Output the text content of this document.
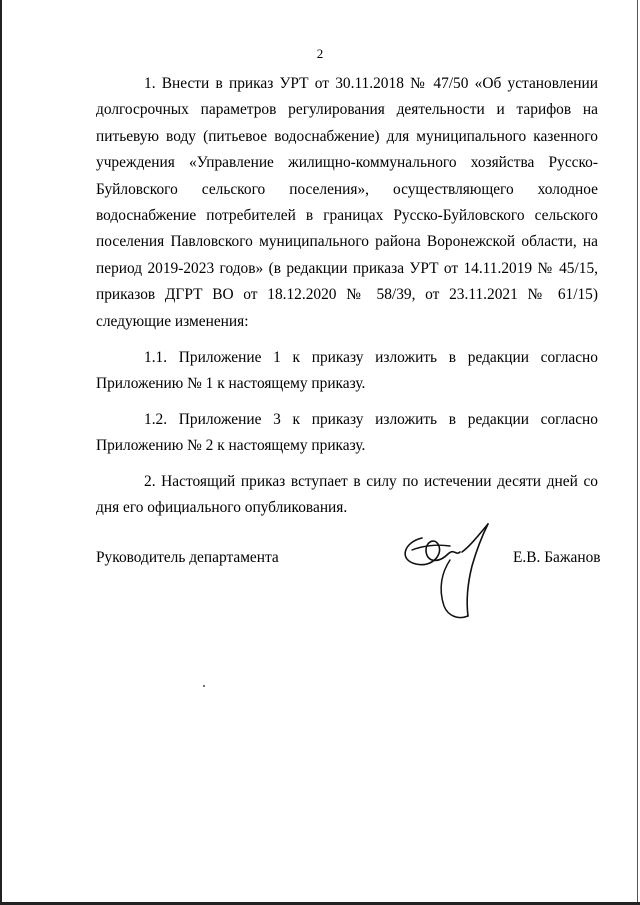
2

1. Внести в приказ УРТ от 30.11.2018 № 47/50 «Об установлении долгосрочных параметров регулирования деятельности и тарифов на питьевую воду (питьевое водоснабжение) для муниципального казенного учреждения «Управление жилищно-коммунального хозяйства Русско-Буйловского сельского поселения», осуществляющего холодное водоснабжение потребителей в границах Русско-Буйловского сельского поселения Павловского муниципального района Воронежской области, на период 2019-2023 годов» (в редакции приказа УРТ от 14.11.2019 № 45/15, приказов ДГРТ ВО от 18.12.2020 № 58/39, от 23.11.2021 № 61/15) следующие изменения:

1.1. Приложение 1 к приказу изложить в редакции согласно Приложению № 1 к настоящему приказу.

1.2. Приложение 3 к приказу изложить в редакции согласно Приложению № 2 к настоящему приказу.

2. Настоящий приказ вступает в силу по истечении десяти дней со дня его официального опубликования.

Руководитель департамента	Е.В. Бажанов
